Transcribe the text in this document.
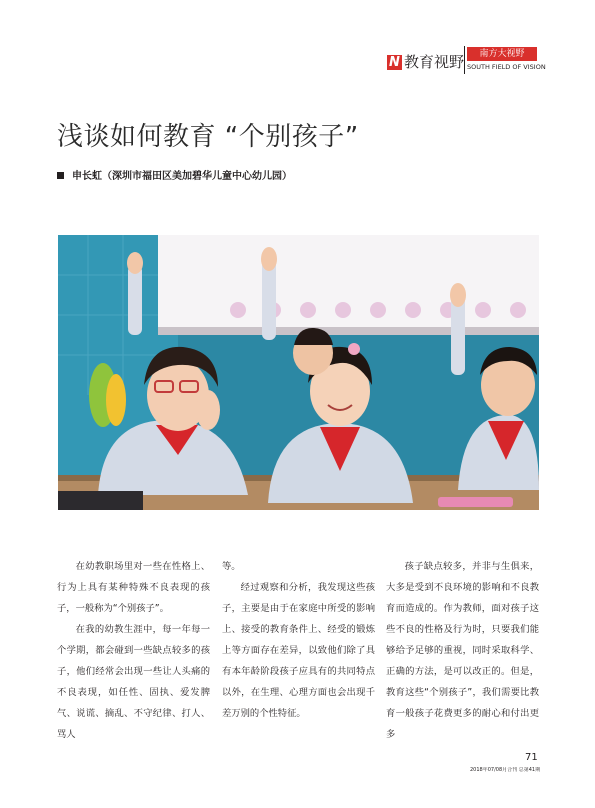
N 教育视野	南方大视野
SOUTH FIELD OF VISION
浅谈如何教育 “个别孩子”
申长虹（深圳市福田区美加碧华儿童中心幼儿园）

在幼教职场里对一些在性格上、行为上具有某种特殊不良表现的孩子，一般称为“个别孩子”。

在我的幼教生涯中，每一年每一个学期，都会碰到一些缺点较多的孩子，他们经常会出现一些让人头痛的不良表现，如任性、固执、爱发脾气、说谎、摘乱、不守纪律、打人、骂人

等。

经过观察和分析，我发现这些孩子，主要是由于在家庭中所受的影响上、接受的教育条件上、经受的锻炼上等方面存在差异，以致他们除了具有本年龄阶段孩子应具有的共同特点以外，在生理、心理方面也会出现千差万别的个性特征。

孩子缺点较多，并非与生俱来，大多是受到不良环境的影响和不良教育而造成的。作为教师，面对孩子这些不良的性格及行为时，只要我们能够给予足够的重视，同时采取科学、正确的方法，是可以改正的。但是，教育这些“个别孩子”，我们需要比教育一般孩子花费更多的耐心和付出更多

71
2018年07/08月合刊 总第41期
